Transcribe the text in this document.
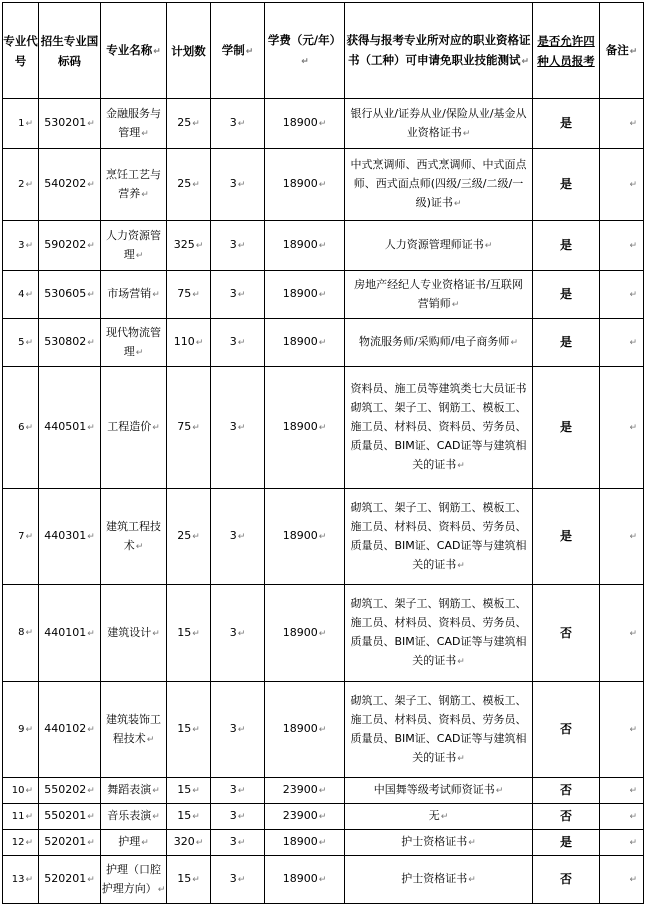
专业代号	招生专业国标码	专业名称↵	计划数	学制↵	学费（元/年）↵	获得与报考专业所对应的职业资格证书（工种）可申请免职业技能测试↵	是否允许四种人员报考	备注↵
1↵	530201↵	金融服务与管理↵	25↵	3↵	18900↵	银行从业/证券从业/保险从业/基金从业资格证书↵	是	↵
2↵	540202↵	烹饪工艺与营养↵	25↵	3↵	18900↵	中式烹调师、西式烹调师、中式面点师、西式面点师(四级/三级/二级/一级)证书↵	是	↵
3↵	590202↵	人力资源管理↵	325↵	3↵	18900↵	人力资源管理师证书↵	是	↵
4↵	530605↵	市场营销↵	75↵	3↵	18900↵	房地产经纪人专业资格证书/互联网营销师↵	是	↵
5↵	530802↵	现代物流管理↵	110↵	3↵	18900↵	物流服务师/采购师/电子商务师↵	是	↵
6↵	440501↵	工程造价↵	75↵	3↵	18900↵	资料员、施工员等建筑类七大员证书砌筑工、架子工、钢筋工、模板工、施工员、材料员、资料员、劳务员、质量员、BIM证、CAD证等与建筑相关的证书↵	是	↵
7↵	440301↵	建筑工程技术↵	25↵	3↵	18900↵	砌筑工、架子工、钢筋工、模板工、施工员、材料员、资料员、劳务员、质量员、BIM证、CAD证等与建筑相关的证书↵	是	↵
8↵	440101↵	建筑设计↵	15↵	3↵	18900↵	砌筑工、架子工、钢筋工、模板工、施工员、材料员、资料员、劳务员、质量员、BIM证、CAD证等与建筑相关的证书↵	否	↵
9↵	440102↵	建筑装饰工程技术↵	15↵	3↵	18900↵	砌筑工、架子工、钢筋工、模板工、施工员、材料员、资料员、劳务员、质量员、BIM证、CAD证等与建筑相关的证书↵	否	↵
10↵	550202↵	舞蹈表演↵	15↵	3↵	23900↵	中国舞等级考试师资证书↵	否	↵
11↵	550201↵	音乐表演↵	15↵	3↵	23900↵	无↵	否	↵
12↵	520201↵	护理↵	320↵	3↵	18900↵	护士资格证书↵	是	↵
13↵	520201↵	护理（口腔护理方向）↵	15↵	3↵	18900↵	护士资格证书↵	否	↵
